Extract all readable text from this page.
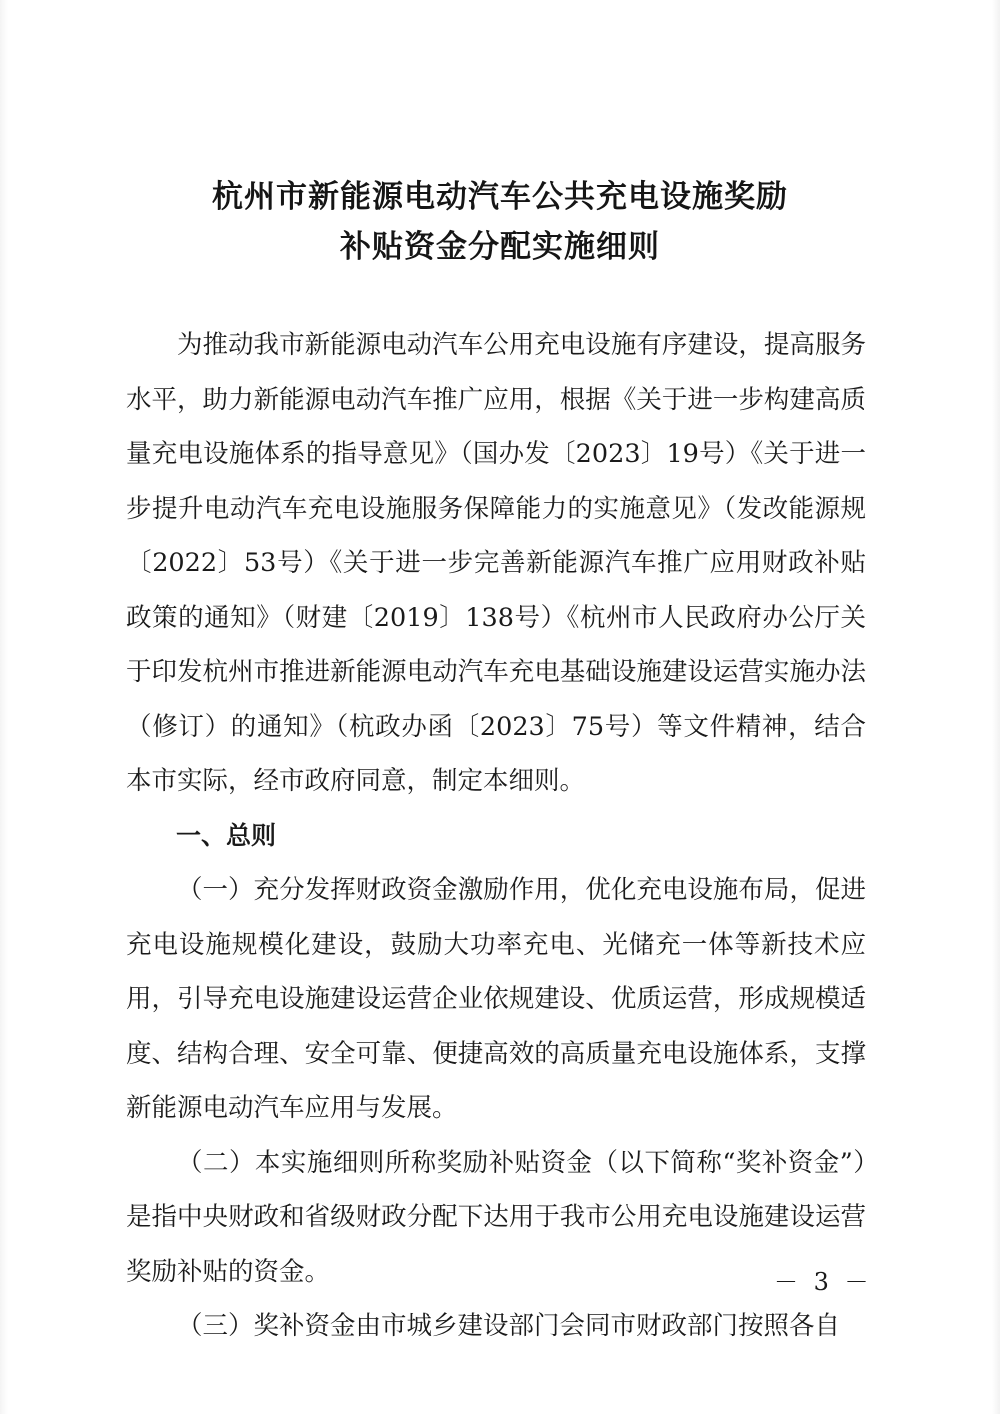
杭州市新能源电动汽车公共充电设施奖励
补贴资金分配实施细则

为推动我市新能源电动汽车公用充电设施有序建设，提高服务水平，助力新能源电动汽车推广应用，根据《关于进一步构建高质量充电设施体系的指导意见》（国办发〔2023〕19号）《关于进一步提升电动汽车充电设施服务保障能力的实施意见》（发改能源规〔2022〕53号）《关于进一步完善新能源汽车推广应用财政补贴政策的通知》（财建〔2019〕138号）《杭州市人民政府办公厅关于印发杭州市推进新能源电动汽车充电基础设施建设运营实施办法（修订）的通知》（杭政办函〔2023〕75号）等文件精神，结合本市实际，经市政府同意，制定本细则。

一、总则

（一）充分发挥财政资金激励作用，优化充电设施布局，促进充电设施规模化建设，鼓励大功率充电、光储充一体等新技术应用，引导充电设施建设运营企业依规建设、优质运营，形成规模适度、结构合理、安全可靠、便捷高效的高质量充电设施体系，支撑新能源电动汽车应用与发展。

（二）本实施细则所称奖励补贴资金（以下简称“奖补资金”）是指中央财政和省级财政分配下达用于我市公用充电设施建设运营奖励补贴的资金。

（三）奖补资金由市城乡建设部门会同市财政部门按照各自

－ 3 －
